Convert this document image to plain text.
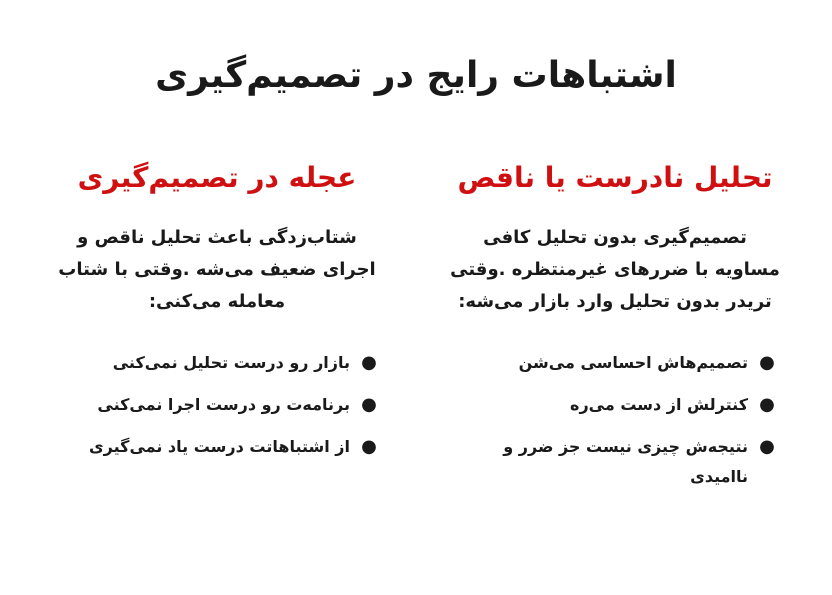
اشتباهات رایج در تصمیم‌گیری
تحلیل نادرست یا ناقص

تصمیم‌گیری بدون تحلیل کافی مساویه با ضررهای غیرمنتظره .وقتی تریدر بدون تحلیل وارد بازار می‌شه:

●
تصمیم‌هاش احساسی می‌شن
●
کنترلش از دست می‌ره
●
نتیجه‌ش چیزی نیست جز ضرر و ناامیدی
عجله در تصمیم‌گیری

شتاب‌زدگی باعث تحلیل ناقص و اجرای ضعیف می‌شه .وقتی با شتاب معامله می‌کنی:

●
بازار رو درست تحلیل نمی‌کنی
●
برنامه‌ت رو درست اجرا نمی‌کنی
●
از اشتباهاتت درست یاد نمی‌گیری
